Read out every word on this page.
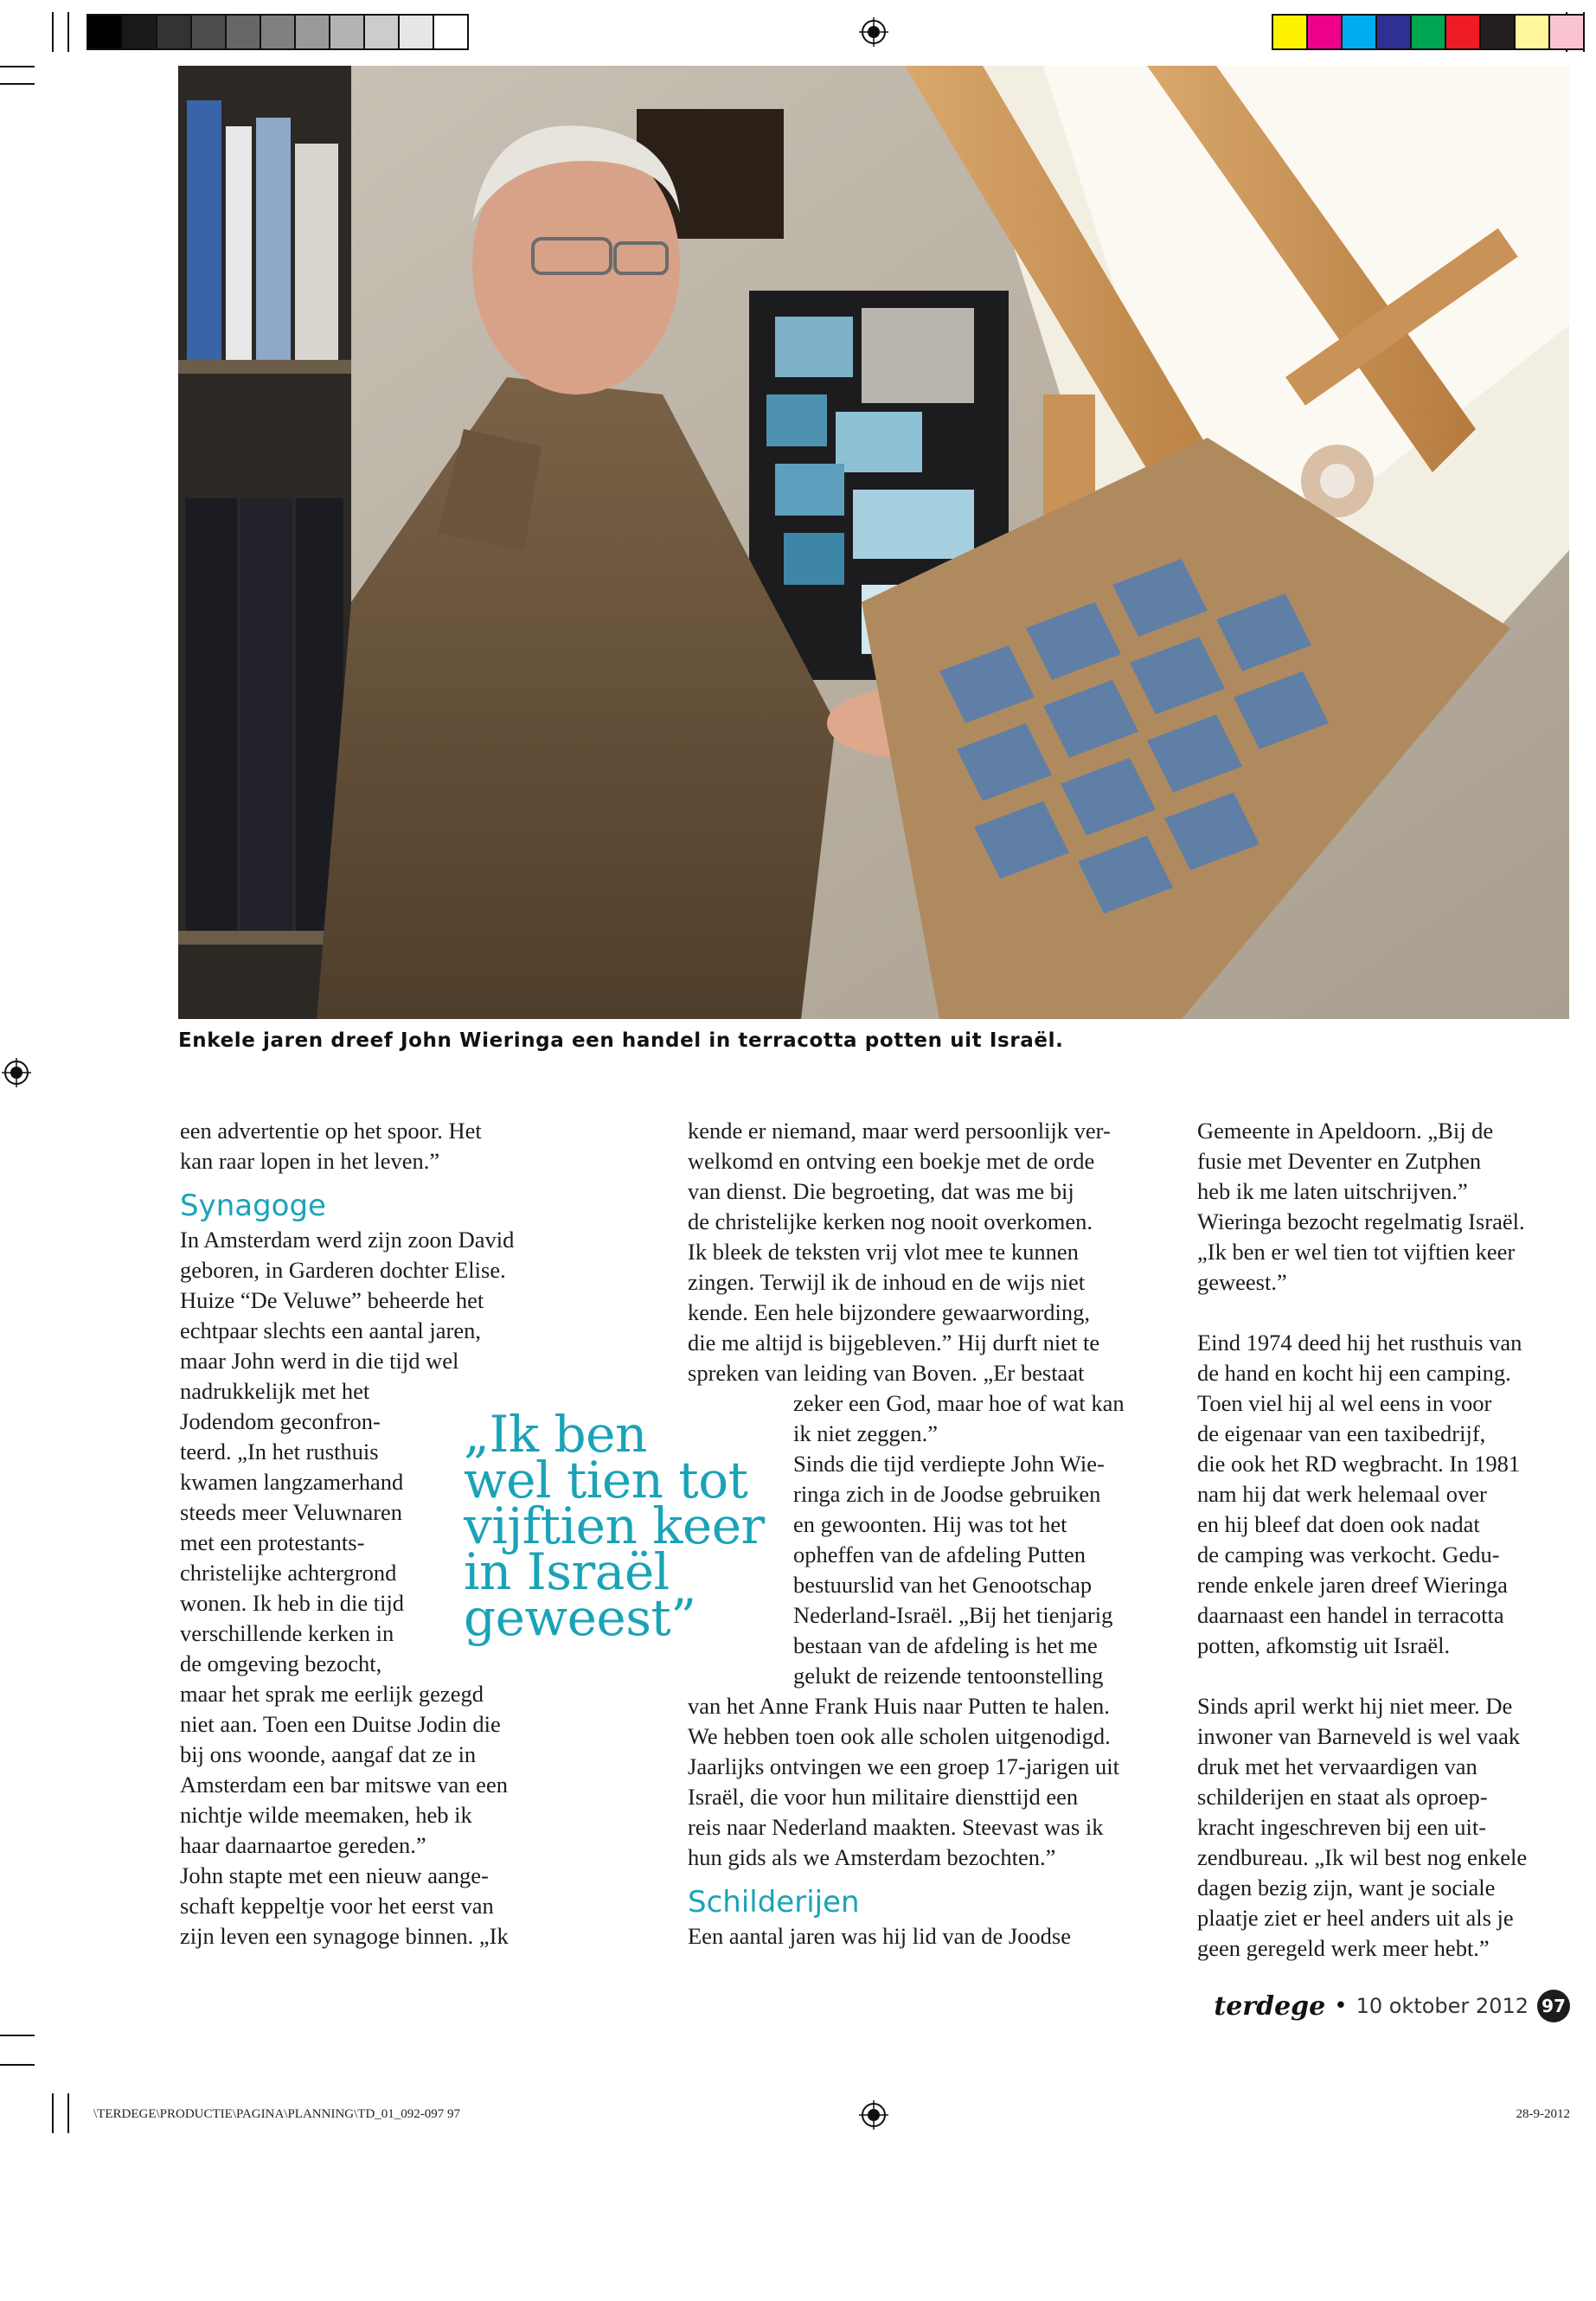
Enkele jaren dreef John Wieringa een handel in terracotta potten uit Israël.

een advertentie op het spoor. Het
kan raar lopen in het leven.”

Synagoge

In Amsterdam werd zijn zoon David
geboren, in Garderen dochter Elise.
Huize “De Veluwe” beheerde het
echtpaar slechts een aantal jaren,
maar John werd in die tijd wel
nadrukkelijk met het
Jodendom geconfron-
teerd. „In het rusthuis
kwamen langzamerhand
steeds meer Veluwnaren
met een protestants-
christelijke achtergrond
wonen. Ik heb in die tijd
verschillende kerken in
de omgeving bezocht,
maar het sprak me eerlijk gezegd
niet aan. Toen een Duitse Jodin die
bij ons woonde, aangaf dat ze in
Amsterdam een bar mitswe van een
nichtje wilde meemaken, heb ik
haar daarnaartoe gereden.”
John stapte met een nieuw aange-
schaft keppeltje voor het eerst van
zijn leven een synagoge binnen. „Ik

„Ik ben
wel tien tot
vijftien keer
in Israël
geweest”

kende er niemand, maar werd persoonlijk ver-
welkomd en ontving een boekje met de orde
van dienst. Die begroeting, dat was me bij
de christelijke kerken nog nooit overkomen.
Ik bleek de teksten vrij vlot mee te kunnen
zingen. Terwijl ik de inhoud en de wijs niet
kende. Een hele bijzondere gewaarwording,
die me altijd is bijgebleven.” Hij durft niet te
spreken van leiding van Boven. „Er bestaat

zeker een God, maar hoe of wat kan
ik niet zeggen.”
Sinds die tijd verdiepte John Wie-
ringa zich in de Joodse gebruiken
en gewoonten. Hij was tot het
opheffen van de afdeling Putten
bestuurslid van het Genootschap
Nederland-Israël. „Bij het tienjarig
bestaan van de afdeling is het me
gelukt de reizende tentoonstelling

van het Anne Frank Huis naar Putten te halen.
We hebben toen ook alle scholen uitgenodigd.
Jaarlijks ontvingen we een groep 17-jarigen uit
Israël, die voor hun militaire diensttijd een
reis naar Nederland maakten. Steevast was ik
hun gids als we Amsterdam bezochten.”

Schilderijen

Een aantal jaren was hij lid van de Joodse

Gemeente in Apeldoorn. „Bij de
fusie met Deventer en Zutphen
heb ik me laten uitschrijven.”
Wieringa bezocht regelmatig Israël.
„Ik ben er wel tien tot vijftien keer
geweest.”

Eind 1974 deed hij het rusthuis van
de hand en kocht hij een camping.
Toen viel hij al wel eens in voor
de eigenaar van een taxibedrijf,
die ook het RD wegbracht. In 1981
nam hij dat werk helemaal over
en hij bleef dat doen ook nadat
de camping was verkocht. Gedu-
rende enkele jaren dreef Wieringa
daarnaast een handel in terracotta
potten, afkomstig uit Israël.

Sinds april werkt hij niet meer. De
inwoner van Barneveld is wel vaak
druk met het vervaardigen van
schilderijen en staat als oproep-
kracht ingeschreven bij een uit-
zendbureau. „Ik wil best nog enkele
dagen bezig zijn, want je sociale
plaatje ziet er heel anders uit als je
geen geregeld werk meer hebt.”

terdege • 10 oktober 2012 97
\TERDEGE\PRODUCTIE\PAGINA\PLANNING\TD_01_092-097 97	28-9-2012
